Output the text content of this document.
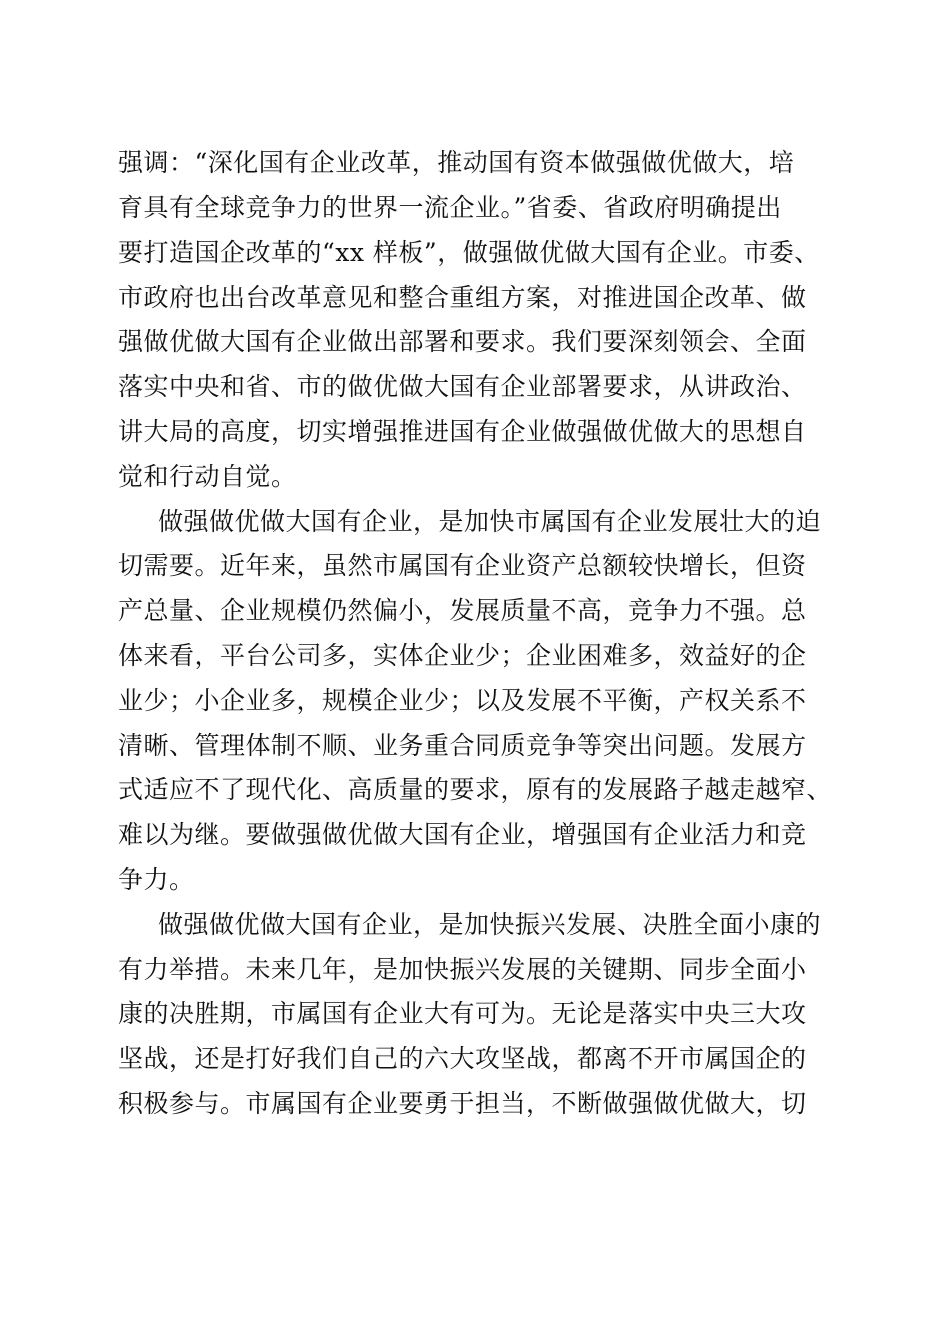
强调：“深化国有企业改革，推动国有资本做强做优做大，培
育具有全球竞争力的世界一流企业。”省委、省政府明确提出
要打造国企改革的“xx 样板”，做强做优做大国有企业。市委、
市政府也出台改革意见和整合重组方案，对推进国企改革、做
强做优做大国有企业做出部署和要求。我们要深刻领会、全面
落实中央和省、市的做优做大国有企业部署要求，从讲政治、
讲大局的高度，切实增强推进国有企业做强做优做大的思想自
觉和行动自觉。
做强做优做大国有企业，是加快市属国有企业发展壮大的迫
切需要。近年来，虽然市属国有企业资产总额较快增长，但资
产总量、企业规模仍然偏小，发展质量不高，竞争力不强。总
体来看，平台公司多，实体企业少；企业困难多，效益好的企
业少；小企业多，规模企业少；以及发展不平衡，产权关系不
清晰、管理体制不顺、业务重合同质竞争等突出问题。发展方
式适应不了现代化、高质量的要求，原有的发展路子越走越窄、
难以为继。要做强做优做大国有企业，增强国有企业活力和竞
争力。
做强做优做大国有企业，是加快振兴发展、决胜全面小康的
有力举措。未来几年，是加快振兴发展的关键期、同步全面小
康的决胜期，市属国有企业大有可为。无论是落实中央三大攻
坚战，还是打好我们自己的六大攻坚战，都离不开市属国企的
积极参与。市属国有企业要勇于担当，不断做强做优做大，切
